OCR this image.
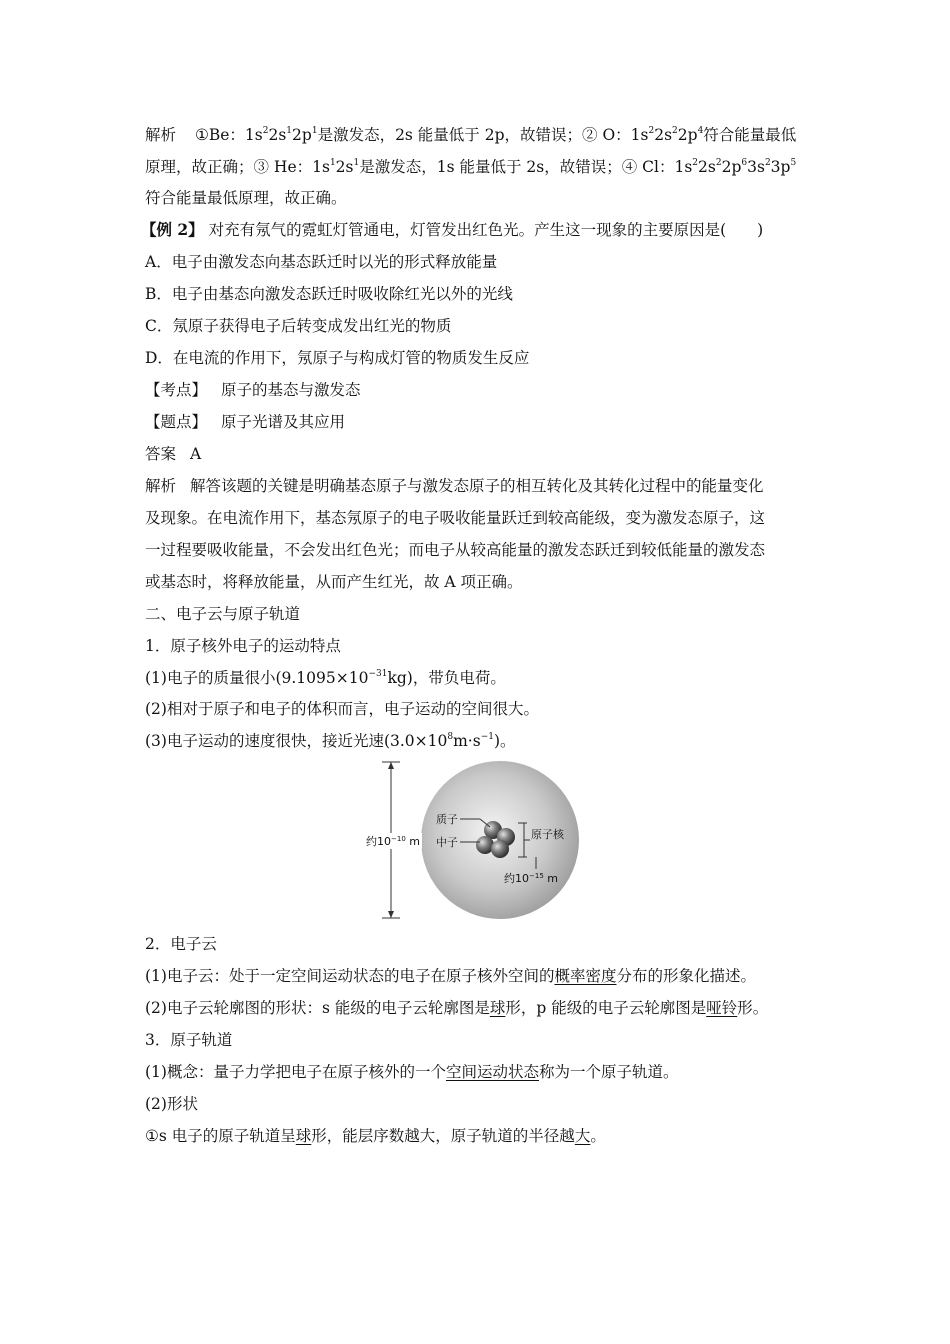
解析 ①Be：$1s^22s^12p^1$是激发态，2s 能量低于 2p，故错误；② O：$1s^22s^22p^4$符合能量最低
原理，故正确；③ He：$1s^12s^1$是激发态，1s 能量低于 2s，故错误；④ Cl：$1s^22s^22p^63s^23p^5$
符合能量最低原理，故正确。
【例 2】 对充有氖气的霓虹灯管通电，灯管发出红色光。产生这一现象的主要原因是(　　)
A．电子由激发态向基态跃迁时以光的形式释放能量
B．电子由基态向激发态跃迁时吸收除红光以外的光线
C．氖原子获得电子后转变成发出红光的物质
D．在电流的作用下，氖原子与构成灯管的物质发生反应
【考点】 原子的基态与激发态
【题点】 原子光谱及其应用
答案 A
解析 解答该题的关键是明确基态原子与激发态原子的相互转化及其转化过程中的能量变化
及现象。在电流作用下，基态氖原子的电子吸收能量跃迁到较高能级，变为激发态原子，这
一过程要吸收能量，不会发出红色光；而电子从较高能量的激发态跃迁到较低能量的激发态
或基态时，将释放能量，从而产生红光，故 A 项正确。
二、电子云与原子轨道
1．原子核外电子的运动特点
(1)电子的质量很小$(9.1095\times 10^{-31}kg)$，带负电荷。
(2)相对于原子和电子的体积而言，电子运动的空间很大。
(3)电子运动的速度很快，接近光速$(3.0\times 10^8m\cdot s^{-1})$。
约$10^{-10}$ m
质子
中子
原子核
约$10^{-15}$ m
2．电子云
(1)电子云：处于一定空间运动状态的电子在原子核外空间的概率密度分布的形象化描述。
(2)电子云轮廓图的形状：s 能级的电子云轮廓图是球形，p 能级的电子云轮廓图是哑铃形。
3．原子轨道
(1)概念：量子力学把电子在原子核外的一个空间运动状态称为一个原子轨道。
(2)形状
①s 电子的原子轨道呈球形，能层序数越大，原子轨道的半径越大。
